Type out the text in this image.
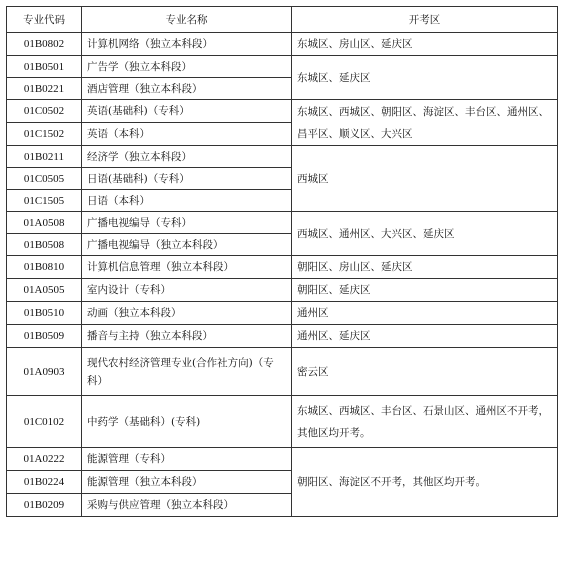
专业代码	专业名称	开考区
01B0802	计算机网络（独立本科段）	东城区、房山区、延庆区
01B0501	广告学（独立本科段）	东城区、延庆区
01B0221	酒店管理（独立本科段）	
01C0502	英语(基础科)（专科）	东城区、西城区、朝阳区、海淀区、丰台区、通州区、昌平区、顺义区、大兴区
01C1502	英语（本科）	
01B0211	经济学（独立本科段）	西城区
01C0505	日语(基础科)（专科）	
01C1505	日语（本科）	
01A0508	广播电视编导（专科）	西城区、通州区、大兴区、延庆区
01B0508	广播电视编导（独立本科段）	
01B0810	计算机信息管理（独立本科段）	朝阳区、房山区、延庆区
01A0505	室内设计（专科）	朝阳区、延庆区
01B0510	动画（独立本科段）	通州区
01B0509	播音与主持（独立本科段）	通州区、延庆区
01A0903	现代农村经济管理专业(合作社方向)（专科）	密云区
01C0102	中药学（基础科）(专科)	东城区、西城区、丰台区、石景山区、通州区不开考，其他区均开考。
01A0222	能源管理（专科）	朝阳区、海淀区不开考，其他区均开考。
01B0224	能源管理（独立本科段）	
01B0209	采购与供应管理（独立本科段）	
